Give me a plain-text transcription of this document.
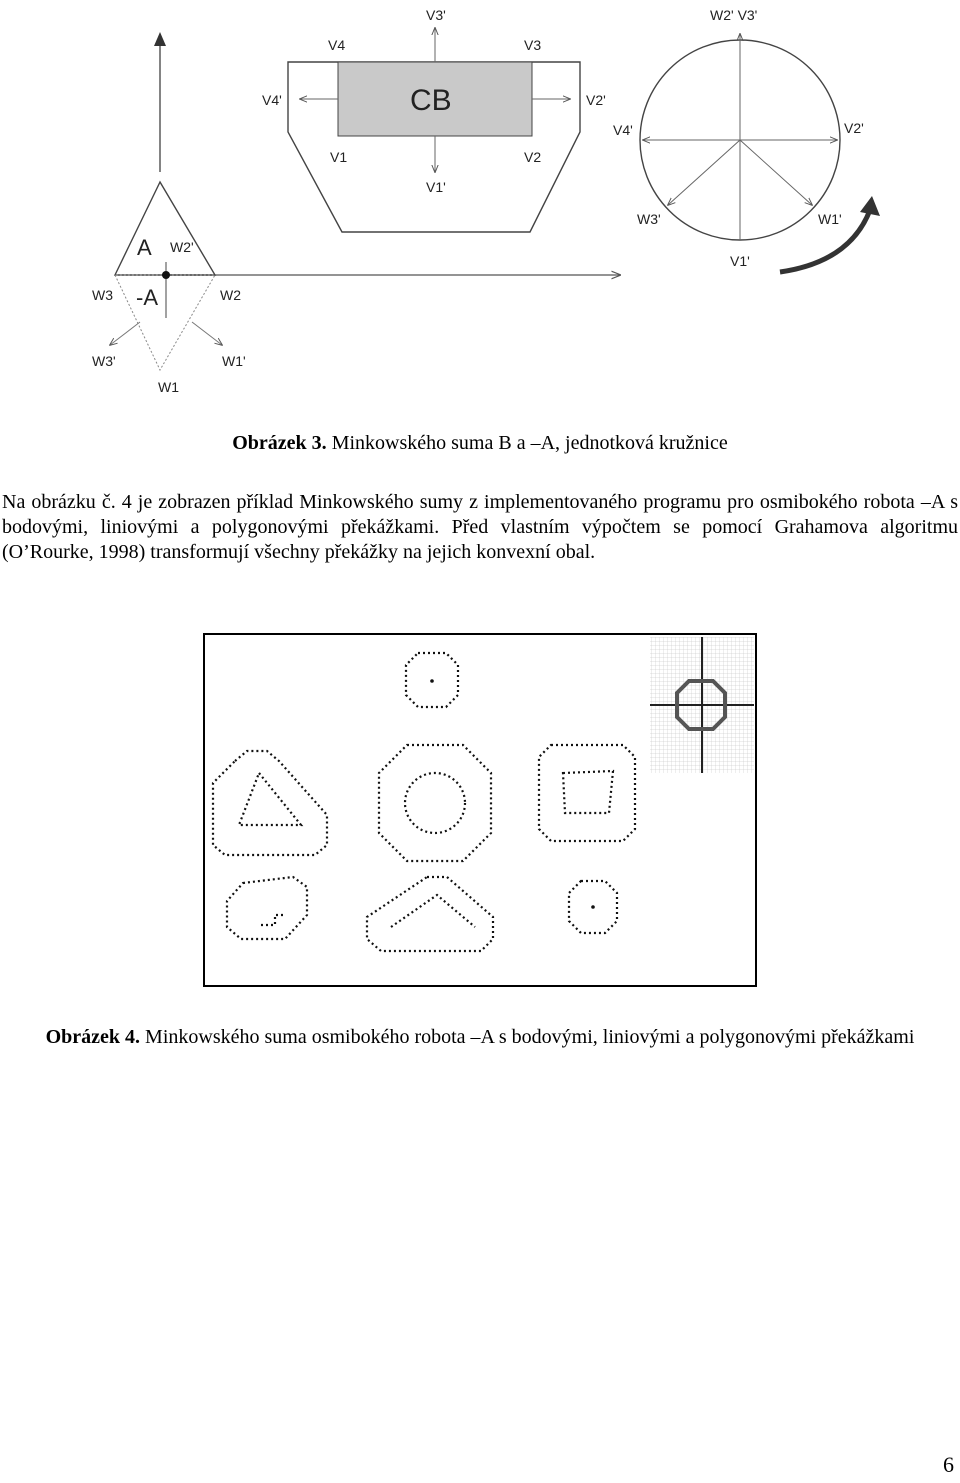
A W2'
W3 -A	W2
W3'	W1'
W1
V3'
V4	V3
V4'	CB	V2'
V1	V2
V1'
W2' V3'
V4'	V2'
W3'	W1'
V1'
Obrázek 3. Minkowského suma B a –A, jednotková kružnice
Na obrázku č. 4 je zobrazen příklad Minkowského sumy z implementovaného programu pro osmibokého robota –A s bodovými, liniovými a polygonovými překážkami. Před vlastním výpočtem se pomocí Grahamova algoritmu (O’Rourke, 1998) transformují všechny překážky na jejich konvexní obal.
Obrázek 4. Minkowského suma osmibokého robota –A s bodovými, liniovými a polygonovými překážkami
6
